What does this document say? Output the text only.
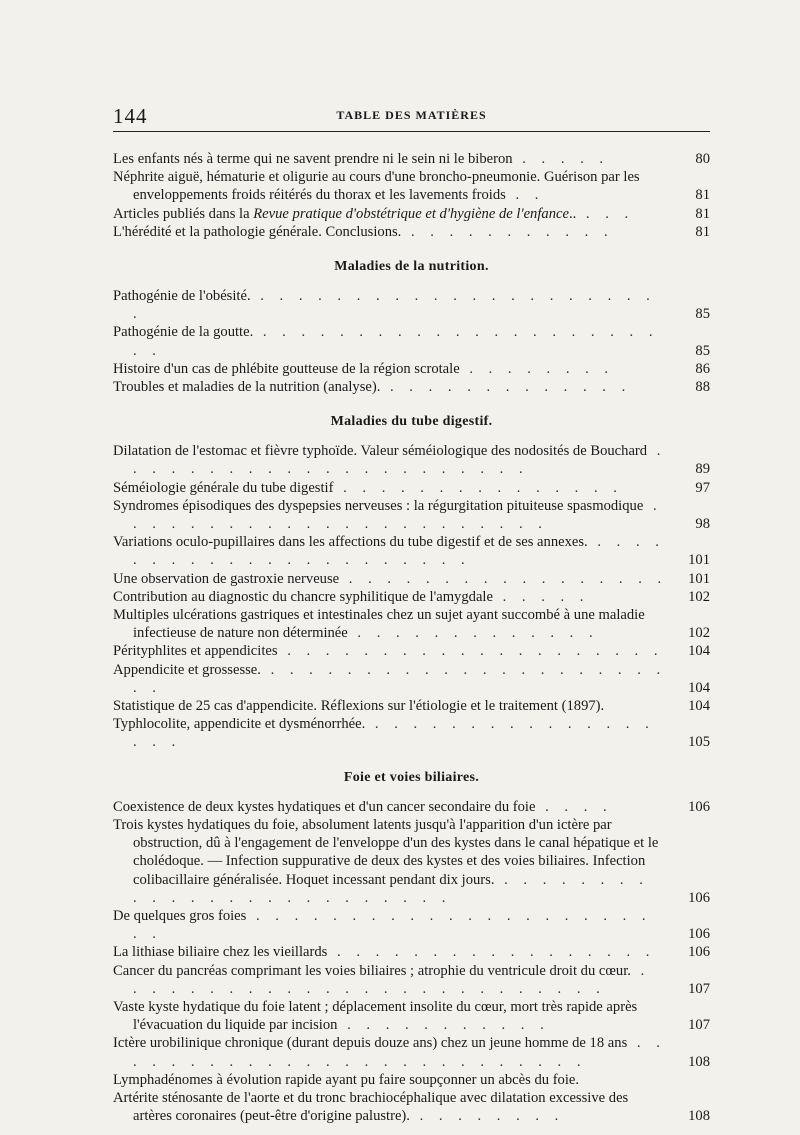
144	TABLE DES MATIÈRES
Les enfants nés à terme qui ne savent prendre ni le sein ni le biberon . . . . .	80
Néphrite aiguë, hématurie et oligurie au cours d'une broncho-pneumonie. Guérison par les enveloppements froids réitérés du thorax et les lavements froids . .	81
Articles publiés dans la Revue pratique d'obstétrique et d'hygiène de l'enfance.. . . .	81
L'hérédité et la pathologie générale. Conclusions. . . . . . . . . . . .	81
Maladies de la nutrition.
Pathogénie de l'obésité. . . . . . . . . . . . . . . . . . . . . . .	85
Pathogénie de la goutte. . . . . . . . . . . . . . . . . . . . . . . .	85
Histoire d'un cas de phlébite goutteuse de la région scrotale . . . . . . . .	86
Troubles et maladies de la nutrition (analyse). . . . . . . . . . . . . .	88
Maladies du tube digestif.
Dilatation de l'estomac et fièvre typhoïde. Valeur séméiologique des nodosités de Bouchard . . . . . . . . . . . . . . . . . . . . . .	89
Séméiologie générale du tube digestif . . . . . . . . . . . . . . .	97
Syndromes épisodiques des dyspepsies nerveuses : la régurgitation pituiteuse spasmodique . . . . . . . . . . . . . . . . . . . . . . .	98
Variations oculo-pupillaires dans les affections du tube digestif et de ses annexes. . . . . . . . . . . . . . . . . . . . . . .	101
Une observation de gastroxie nerveuse . . . . . . . . . . . . . . . . .	101
Contribution au diagnostic du chancre syphilitique de l'amygdale . . . . .	102
Multiples ulcérations gastriques et intestinales chez un sujet ayant succombé à une maladie infectieuse de nature non déterminée . . . . . . . . . . . . .	102
Pérityphlites et appendicites . . . . . . . . . . . . . . . . . . . .	104
Appendicite et grossesse. . . . . . . . . . . . . . . . . . . . . . . .	104
Statistique de 25 cas d'appendicite. Réflexions sur l'étiologie et le traitement (1897).	104
Typhlocolite, appendicite et dysménorrhée. . . . . . . . . . . . . . . . . . .	105
Foie et voies biliaires.
Coexistence de deux kystes hydatiques et d'un cancer secondaire du foie . . . .	106
Trois kystes hydatiques du foie, absolument latents jusqu'à l'apparition d'un ictère par obstruction, dû à l'engagement de l'enveloppe d'un des kystes dans le canal hépatique et le cholédoque. — Infection suppurative de deux des kystes et des voies biliaires. Infection colibacillaire généralisée. Hoquet incessant pendant dix jours. . . . . . . . . . . . . . . . . . . . . . . . . .	106
De quelques gros foies . . . . . . . . . . . . . . . . . . . . . . .	106
La lithiase biliaire chez les vieillards . . . . . . . . . . . . . . . . .	106
Cancer du pancréas comprimant les voies biliaires ; atrophie du ventricule droit du cœur. . . . . . . . . . . . . . . . . . . . . . . . . . .	107
Vaste kyste hydatique du foie latent ; déplacement insolite du cœur, mort très rapide après l'évacuation du liquide par incision . . . . . . . . . . .	107
Ictère urobilinique chronique (durant depuis douze ans) chez un jeune homme de 18 ans . . . . . . . . . . . . . . . . . . . . . . . . . .	108
Lymphadénomes à évolution rapide ayant pu faire soupçonner un abcès du foie.
Artérite sténosante de l'aorte et du tronc brachiocéphalique avec dilatation excessive des artères coronaires (peut-être d'origine palustre). . . . . . . . .	108
